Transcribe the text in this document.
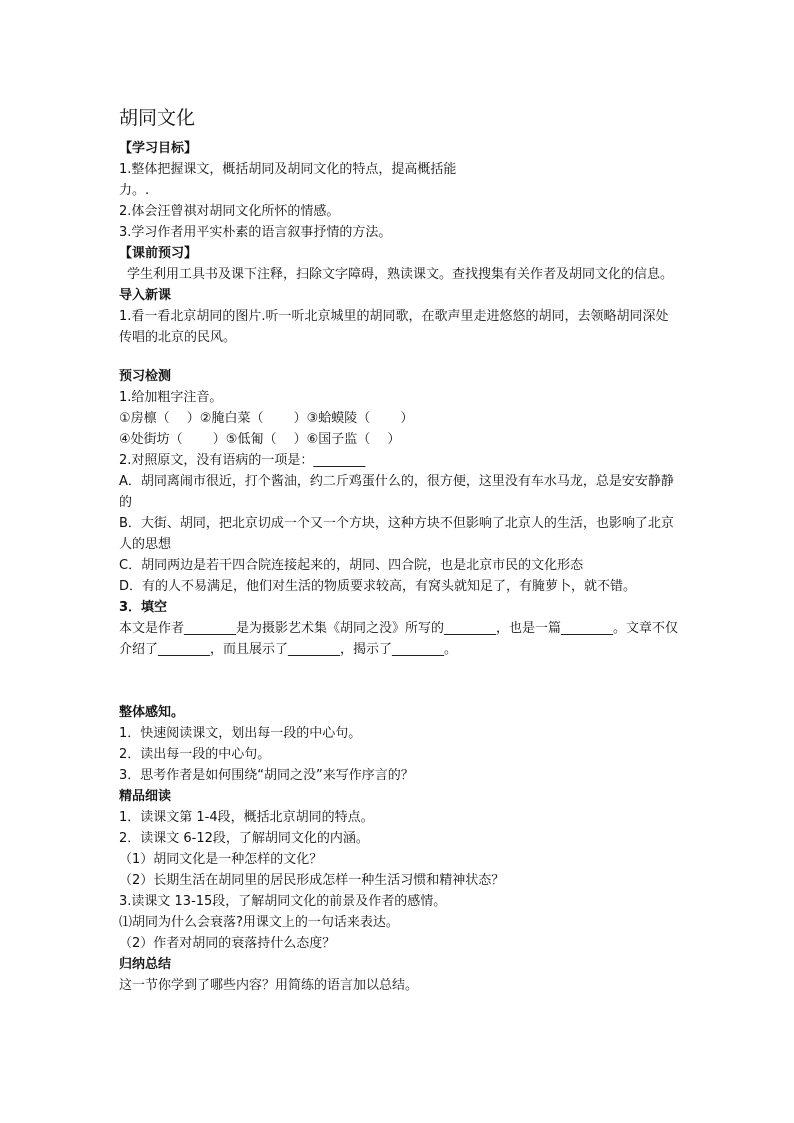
胡同文化
【学习目标】
1.整体把握课文，概括胡同及胡同文化的特点，提高概括能
力。.
2.体会汪曾祺对胡同文化所怀的情感。
3.学习作者用平实朴素的语言叙事抒情的方法。
【课前预习】
学生利用工具书及课下注释，扫除文字障碍，熟读课文。查找搜集有关作者及胡同文化的信息。
导入新课
1.看一看北京胡同的图片.听一听北京城里的胡同歌，在歌声里走进悠悠的胡同，去领略胡同深处传唱的北京的民风。
预习检测
1.给加粗字注音。
①房檩（　 ）②腌白菜（　　 ）③蛤蟆陵（　　 ）
④处街坊（　　 ）⑤低匍（　 ）⑥国子监（　 ）
2.对照原文，没有语病的一项是：________
A．胡同离闹市很近，打个酱油，约二斤鸡蛋什么的，很方便，这里没有车水马龙，总是安安静静的
B．大街、胡同，把北京切成一个又一个方块，这种方块不但影响了北京人的生活，也影响了北京人的思想
C．胡同两边是若干四合院连接起来的，胡同、四合院，也是北京市民的文化形态
D．有的人不易满足，他们对生活的物质要求较高，有窝头就知足了，有腌萝卜，就不错。
3．填空
本文是作者________是为摄影艺术集《胡同之没》所写的________，也是一篇________。文章不仅介绍了________，而且展示了________，揭示了________。
整体感知。
1．快速阅读课文，划出每一段的中心句。
2．读出每一段的中心句。
3．思考作者是如何围绕“胡同之没”来写作序言的？
精品细读
1．读课文第 1-4段，概括北京胡同的特点。
2．读课文 6-12段，了解胡同文化的内涵。
（1）胡同文化是一种怎样的文化？
（2）长期生活在胡同里的居民形成怎样一种生活习惯和精神状态？
3.读课文 13-15段，了解胡同文化的前景及作者的感情。
⑴胡同为什么会衰落?用课文上的一句话来表达。
（2）作者对胡同的衰落持什么态度？
归纳总结
这一节你学到了哪些内容？用简练的语言加以总结。
